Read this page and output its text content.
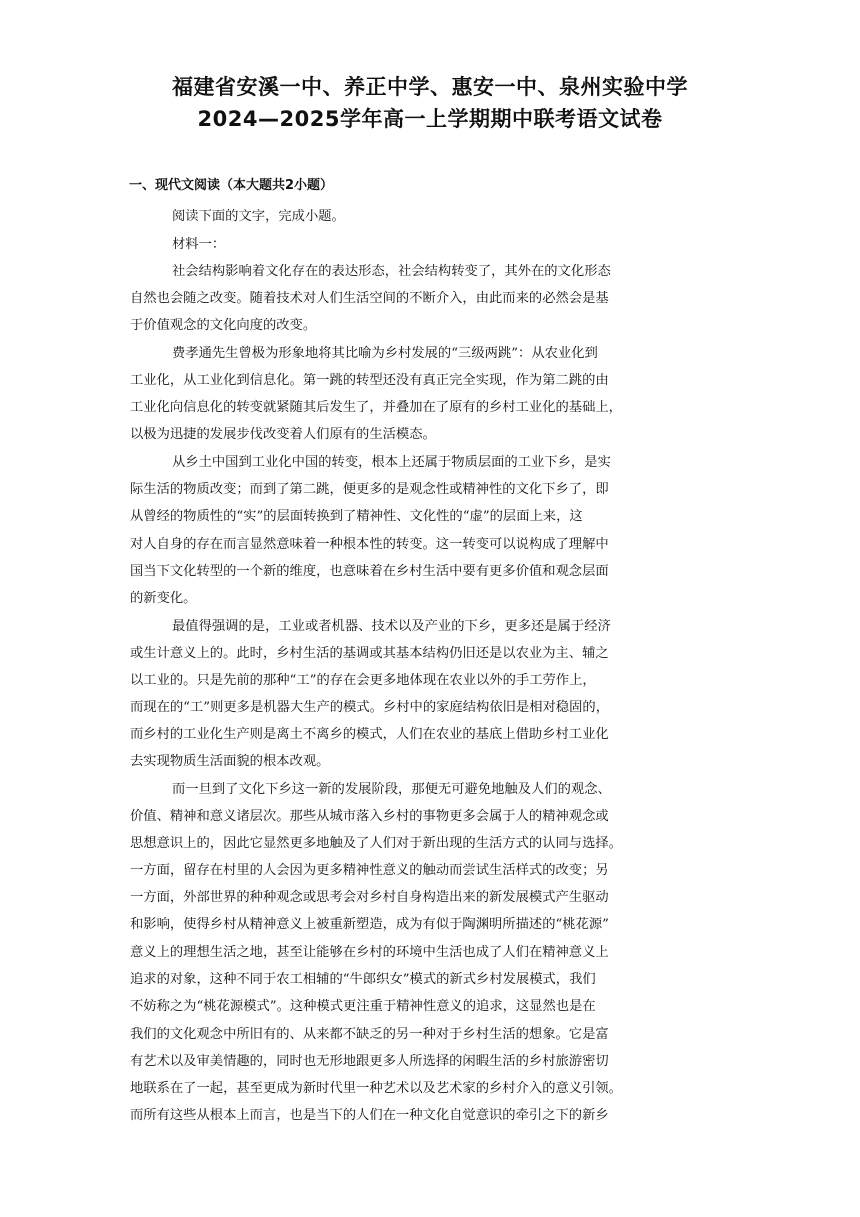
福建省安溪一中、养正中学、惠安一中、泉州实验中学
2024—2025学年高一上学期期中联考语文试卷
一、现代文阅读（本大题共2小题）
阅读下面的文字，完成小题。
材料一：
社会结构影响着文化存在的表达形态，社会结构转变了，其外在的文化形态
自然也会随之改变。随着技术对人们生活空间的不断介入，由此而来的必然会是基
于价值观念的文化向度的改变。
费孝通先生曾极为形象地将其比喻为乡村发展的“三级两跳”：从农业化到
工业化，从工业化到信息化。第一跳的转型还没有真正完全实现，作为第二跳的由
工业化向信息化的转变就紧随其后发生了，并叠加在了原有的乡村工业化的基础上，
以极为迅捷的发展步伐改变着人们原有的生活模态。
从乡土中国到工业化中国的转变，根本上还属于物质层面的工业下乡，是实
际生活的物质改变；而到了第二跳，便更多的是观念性或精神性的文化下乡了，即
从曾经的物质性的“实”的层面转换到了精神性、文化性的“虚”的层面上来，这
对人自身的存在而言显然意味着一种根本性的转变。这一转变可以说构成了理解中
国当下文化转型的一个新的维度，也意味着在乡村生活中要有更多价值和观念层面
的新变化。
最值得强调的是，工业或者机器、技术以及产业的下乡，更多还是属于经济
或生计意义上的。此时，乡村生活的基调或其基本结构仍旧还是以农业为主、辅之
以工业的。只是先前的那种“工”的存在会更多地体现在农业以外的手工劳作上，
而现在的“工”则更多是机器大生产的模式。乡村中的家庭结构依旧是相对稳固的，
而乡村的工业化生产则是离土不离乡的模式，人们在农业的基底上借助乡村工业化
去实现物质生活面貌的根本改观。
而一旦到了文化下乡这一新的发展阶段，那便无可避免地触及人们的观念、
价值、精神和意义诸层次。那些从城市落入乡村的事物更多会属于人的精神观念或
思想意识上的，因此它显然更多地触及了人们对于新出现的生活方式的认同与选择。
一方面，留存在村里的人会因为更多精神性意义的触动而尝试生活样式的改变；另
一方面，外部世界的种种观念或思考会对乡村自身构造出来的新发展模式产生驱动
和影响，使得乡村从精神意义上被重新塑造，成为有似于陶渊明所描述的“桃花源”
意义上的理想生活之地，甚至让能够在乡村的环境中生活也成了人们在精神意义上
追求的对象，这种不同于农工相辅的“牛郎织女”模式的新式乡村发展模式，我们
不妨称之为“桃花源模式”。这种模式更注重于精神性意义的追求，这显然也是在
我们的文化观念中所旧有的、从来都不缺乏的另一种对于乡村生活的想象。它是富
有艺术以及审美情趣的，同时也无形地跟更多人所选择的闲暇生活的乡村旅游密切
地联系在了一起，甚至更成为新时代里一种艺术以及艺术家的乡村介入的意义引领。
而所有这些从根本上而言，也是当下的人们在一种文化自觉意识的牵引之下的新乡
